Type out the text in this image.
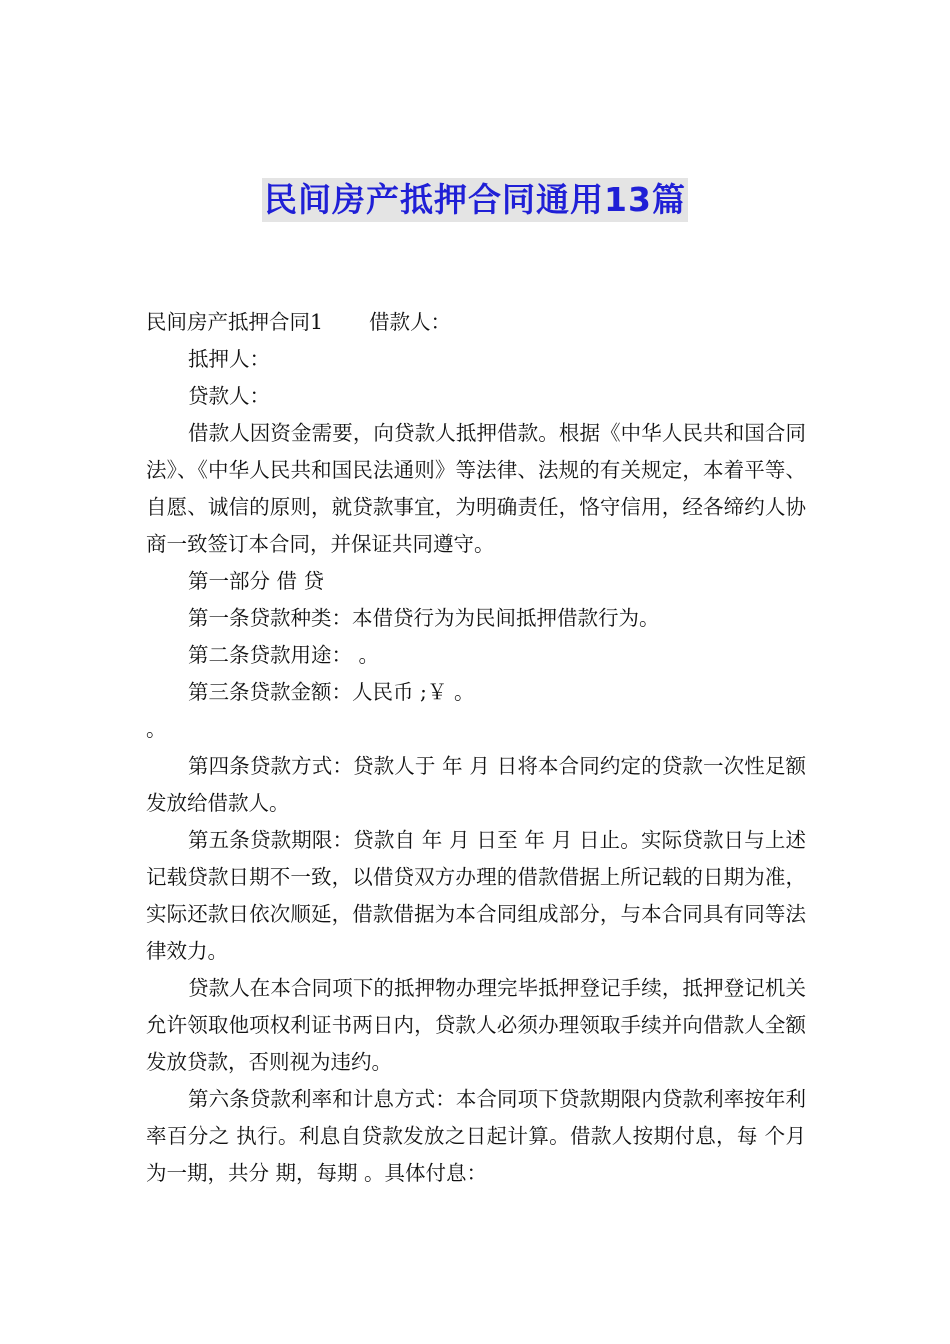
民间房产抵押合同通用13篇
民间房产抵押合同1 借款人：
抵押人：
贷款人：

借款人因资金需要，向贷款人抵押借款。根据《中华人民共和国合同法》、《中华人民共和国民法通则》等法律、法规的有关规定，本着平等、自愿、诚信的原则，就贷款事宜，为明确责任，恪守信用，经各缔约人协商一致签订本合同，并保证共同遵守。

第一部分 借 贷
第一条贷款种类：本借贷行为为民间抵押借款行为。
第二条贷款用途： 。
第三条贷款金额：人民币 ;￥ 。
。

第四条贷款方式：贷款人于 年 月 日将本合同约定的贷款一次性足额发放给借款人。

第五条贷款期限：贷款自 年 月 日至 年 月 日止。实际贷款日与上述记载贷款日期不一致，以借贷双方办理的借款借据上所记载的日期为准，实际还款日依次顺延，借款借据为本合同组成部分，与本合同具有同等法律效力。

贷款人在本合同项下的抵押物办理完毕抵押登记手续，抵押登记机关允许领取他项权利证书两日内，贷款人必须办理领取手续并向借款人全额发放贷款，否则视为违约。

第六条贷款利率和计息方式：本合同项下贷款期限内贷款利率按年利率百分之 执行。利息自贷款发放之日起计算。借款人按期付息，每 个月为一期，共分 期，每期 。具体付息：
